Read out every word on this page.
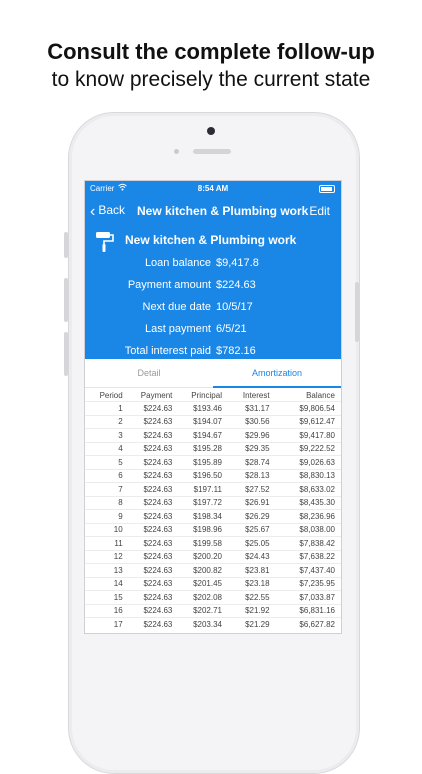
Consult the complete follow-up
to know precisely the current state
Carrier	8:54 AM
‹ Back New kitchen & Plumbing work Edit
New kitchen & Plumbing work
Loan balance $9,417.8
Payment amount $224.63
Next due date 10/5/17
Last payment 6/5/21
Total interest paid $782.16
Detail	Amortization
Period	Payment	Principal	Interest	Balance
1	$224.63	$193.46	$31.17	$9,806.54
2	$224.63	$194.07	$30.56	$9,612.47
3	$224.63	$194.67	$29.96	$9,417.80
4	$224.63	$195.28	$29.35	$9,222.52
5	$224.63	$195.89	$28.74	$9,026.63
6	$224.63	$196.50	$28.13	$8,830.13
7	$224.63	$197.11	$27.52	$8,633.02
8	$224.63	$197.72	$26.91	$8,435.30
9	$224.63	$198.34	$26.29	$8,236.96
10	$224.63	$198.96	$25.67	$8,038.00
11	$224.63	$199.58	$25.05	$7,838.42
12	$224.63	$200.20	$24.43	$7,638.22
13	$224.63	$200.82	$23.81	$7,437.40
14	$224.63	$201.45	$23.18	$7,235.95
15	$224.63	$202.08	$22.55	$7,033.87
16	$224.63	$202.71	$21.92	$6,831.16
17	$224.63	$203.34	$21.29	$6,627.82
